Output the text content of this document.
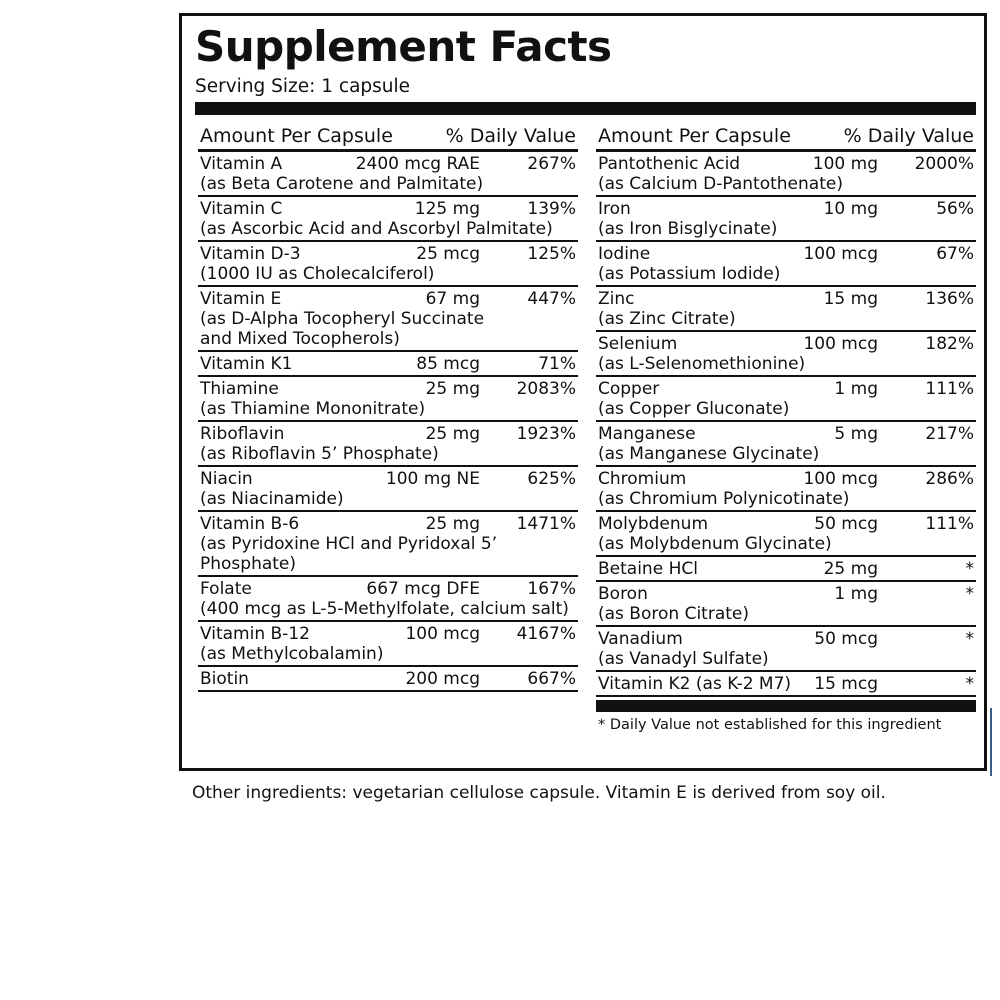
Supplement Facts
Serving Size: 1 capsule
Amount Per Capsule	% Daily Value
Vitamin A	2400 mcg RAE	267%
(as Beta Carotene and Palmitate)
Vitamin C	125 mg	139%
(as Ascorbic Acid and Ascorbyl Palmitate)
Vitamin D-3	25 mcg	125%
(1000 IU as Cholecalciferol)
Vitamin E	67 mg	447%
(as D-Alpha Tocopheryl Succinate
and Mixed Tocopherols)
Vitamin K1	85 mcg	71%
Thiamine	25 mg	2083%
(as Thiamine Mononitrate)
Riboflavin	25 mg	1923%
(as Riboflavin 5’ Phosphate)
Niacin	100 mg NE	625%
(as Niacinamide)
Vitamin B-6	25 mg	1471%
(as Pyridoxine HCl and Pyridoxal 5’
Phosphate)
Folate	667 mcg DFE	167%
(400 mcg as L-5-Methylfolate, calcium salt)
Vitamin B-12	100 mcg	4167%
(as Methylcobalamin)
Biotin	200 mcg	667%
Amount Per Capsule	% Daily Value
Pantothenic Acid	100 mg	2000%
(as Calcium D-Pantothenate)
Iron	10 mg	56%
(as Iron Bisglycinate)
Iodine	100 mcg	67%
(as Potassium Iodide)
Zinc	15 mg	136%
(as Zinc Citrate)
Selenium	100 mcg	182%
(as L-Selenomethionine)
Copper	1 mg	111%
(as Copper Gluconate)
Manganese	5 mg	217%
(as Manganese Glycinate)
Chromium	100 mcg	286%
(as Chromium Polynicotinate)
Molybdenum	50 mcg	111%
(as Molybdenum Glycinate)
Betaine HCl	25 mg	*
Boron	1 mg	*
(as Boron Citrate)
Vanadium	50 mcg	*
(as Vanadyl Sulfate)
Vitamin K2 (as K-2 M7)	15 mcg	*
* Daily Value not established for this ingredient
Other ingredients: vegetarian cellulose capsule. Vitamin E is derived from soy oil.
